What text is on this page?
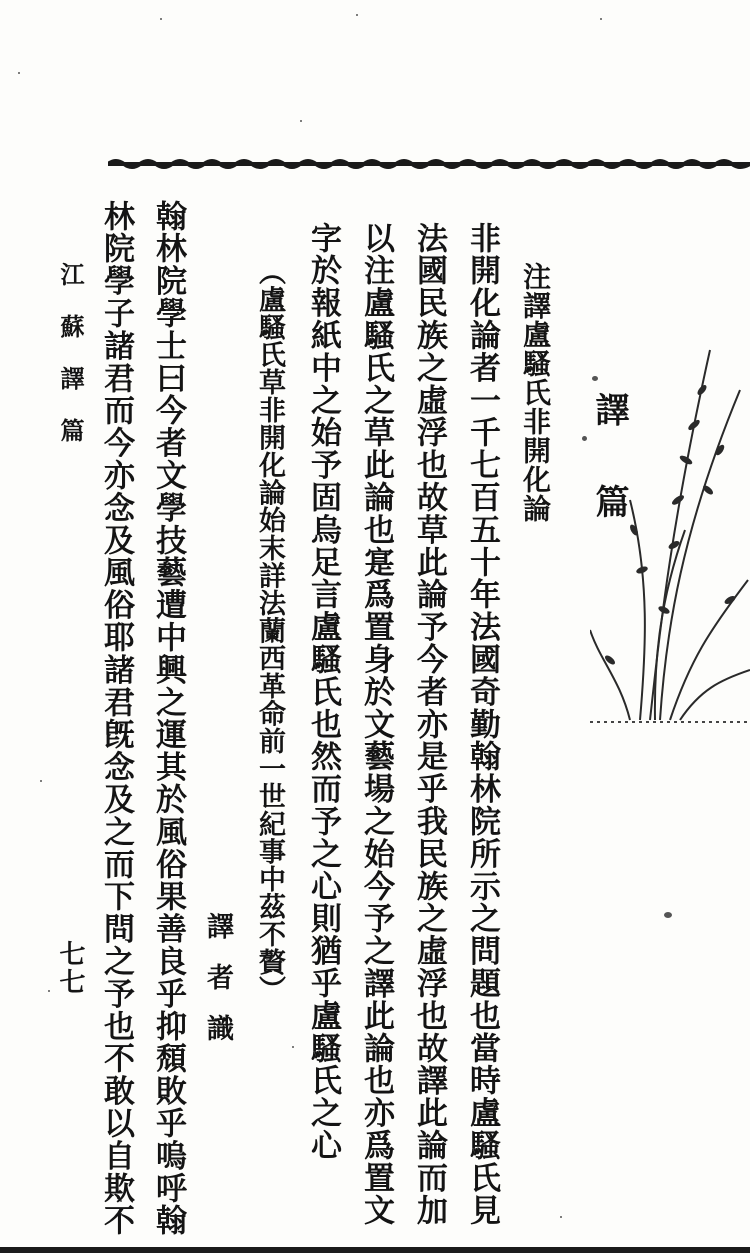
譯篇
注譯盧騷氏非開化論
非開化論者一千七百五十年法國奇勤翰林院所示之問題也當時盧騷氏見
法國民族之虛浮也故草此論予今者亦是乎我民族之虛浮也故譯此論而加
以注盧騷氏之草此論也寔爲置身於文藝場之始今予之譯此論也亦爲置文
字於報紙中之始予固烏足言盧騷氏也然而予之心則猶乎盧騷氏之心
（盧騷氏草非開化論始末詳法蘭西革命前一世紀事中茲不贅）
譯者識
翰林院學士曰今者文學技藝遭中興之運其於風俗果善良乎抑頹敗乎嗚呼翰
林院學子諸君而今亦念及風俗耶諸君旣念及之而下問之予也不敢以自欺不
江蘇譯篇
七七
